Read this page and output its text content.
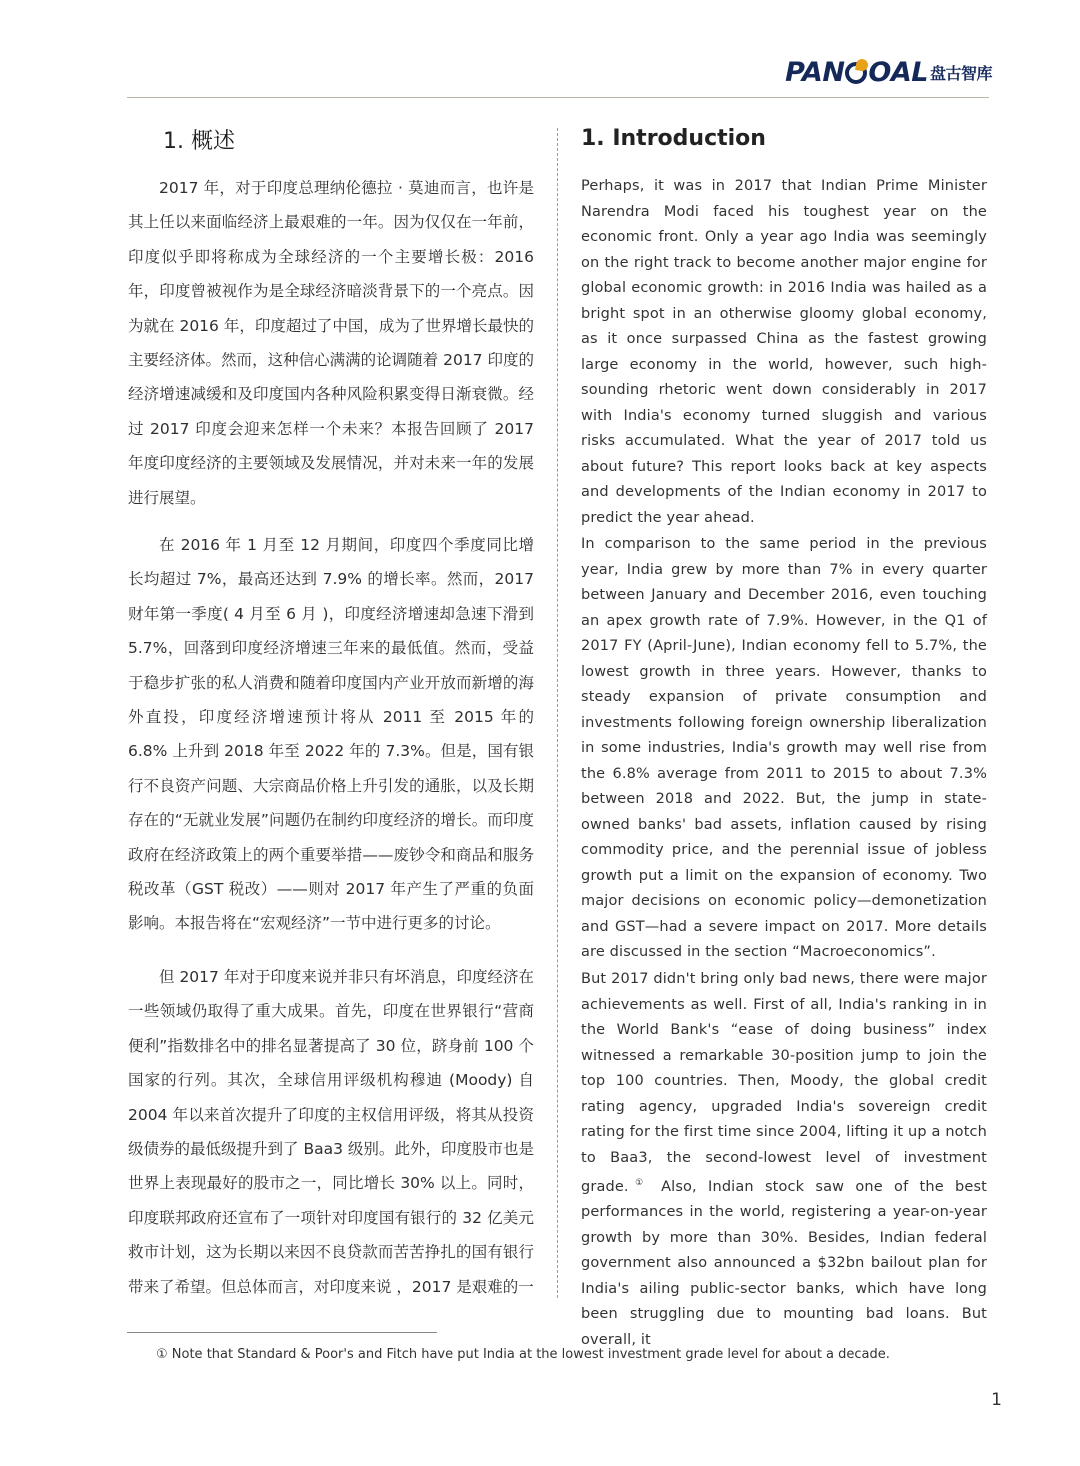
PAN OAL 盘古智库
1. 概述	1. Introduction

2017 年，对于印度总理纳伦德拉 · 莫迪而言，也许是其上任以来面临经济上最艰难的一年。因为仅仅在一年前，印度似乎即将称成为全球经济的一个主要增长极：2016 年，印度曾被视作为是全球经济暗淡背景下的一个亮点。因为就在 2016 年，印度超过了中国，成为了世界增长最快的主要经济体。然而，这种信心满满的论调随着 2017 印度的经济增速减缓和及印度国内各种风险积累变得日渐衰微。经过 2017 印度会迎来怎样一个未来？本报告回顾了 2017 年度印度经济的主要领域及发展情况，并对未来一年的发展进行展望。

在 2016 年 1 月至 12 月期间，印度四个季度同比增长均超过 7%，最高还达到 7.9% 的增长率。然而，2017 财年第一季度( 4 月至 6 月 )，印度经济增速却急速下滑到 5.7%，回落到印度经济增速三年来的最低值。然而，受益于稳步扩张的私人消费和随着印度国内产业开放而新增的海外直投，印度经济增速预计将从 2011 至 2015 年的 6.8% 上升到 2018 年至 2022 年的 7.3%。但是，国有银行不良资产问题、大宗商品价格上升引发的通胀，以及长期存在的“无就业发展”问题仍在制约印度经济的增长。而印度政府在经济政策上的两个重要举措——废钞令和商品和服务税改革（GST 税改）——则对 2017 年产生了严重的负面影响。本报告将在“宏观经济”一节中进行更多的讨论。

但 2017 年对于印度来说并非只有坏消息，印度经济在一些领域仍取得了重大成果。首先，印度在世界银行“营商便利”指数排名中的排名显著提高了 30 位，跻身前 100 个国家的行列。其次，全球信用评级机构穆迪 (Moody) 自 2004 年以来首次提升了印度的主权信用评级，将其从投资级债券的最低级提升到了 Baa3 级别。此外，印度股市也是世界上表现最好的股市之一，同比增长 30% 以上。同时，印度联邦政府还宣布了一项针对印度国有银行的 32 亿美元救市计划，这为长期以来因不良贷款而苦苦挣扎的国有银行带来了希望。但总体而言，对印度来说 ，2017 是艰难的一

Perhaps, it was in 2017 that Indian Prime Minister Narendra Modi faced his toughest year on the economic front. Only a year ago India was seemingly on the right track to become another major engine for global economic growth: in 2016 India was hailed as a bright spot in an otherwise gloomy global economy, as it once surpassed China as the fastest growing large economy in the world, however, such high-sounding rhetoric went down considerably in 2017 with India's economy turned sluggish and various risks accumulated. What the year of 2017 told us about future? This report looks back at key aspects and developments of the Indian economy in 2017 to predict the year ahead.

In comparison to the same period in the previous year, India grew by more than 7% in every quarter between January and December 2016, even touching an apex growth rate of 7.9%. However, in the Q1 of 2017 FY (April-June), Indian economy fell to 5.7%, the lowest growth in three years. However, thanks to steady expansion of private consumption and investments following foreign ownership liberalization in some industries, India's growth may well rise from the 6.8% average from 2011 to 2015 to about 7.3% between 2018 and 2022. But, the jump in state-owned banks' bad assets, inflation caused by rising commodity price, and the perennial issue of jobless growth put a limit on the expansion of economy. Two major decisions on economic policy—demonetization and GST—had a severe impact on 2017. More details are discussed in the section “Macroeconomics”.

But 2017 didn't bring only bad news, there were major achievements as well. First of all, India's ranking in in the World Bank's “ease of doing business” index witnessed a remarkable 30-position jump to join the top 100 countries. Then, Moody, the global credit rating agency, upgraded India's sovereign credit rating for the first time since 2004, lifting it up a notch to Baa3, the second-lowest level of investment grade.① Also, Indian stock saw one of the best performances in the world, registering a year-on-year growth by more than 30%. Besides, Indian federal government also announced a $32bn bailout plan for India's ailing public-sector banks, which have long been struggling due to mounting bad loans. But overall, it

① Note that Standard & Poor's and Fitch have put India at the lowest investment grade level for about a decade.
1
